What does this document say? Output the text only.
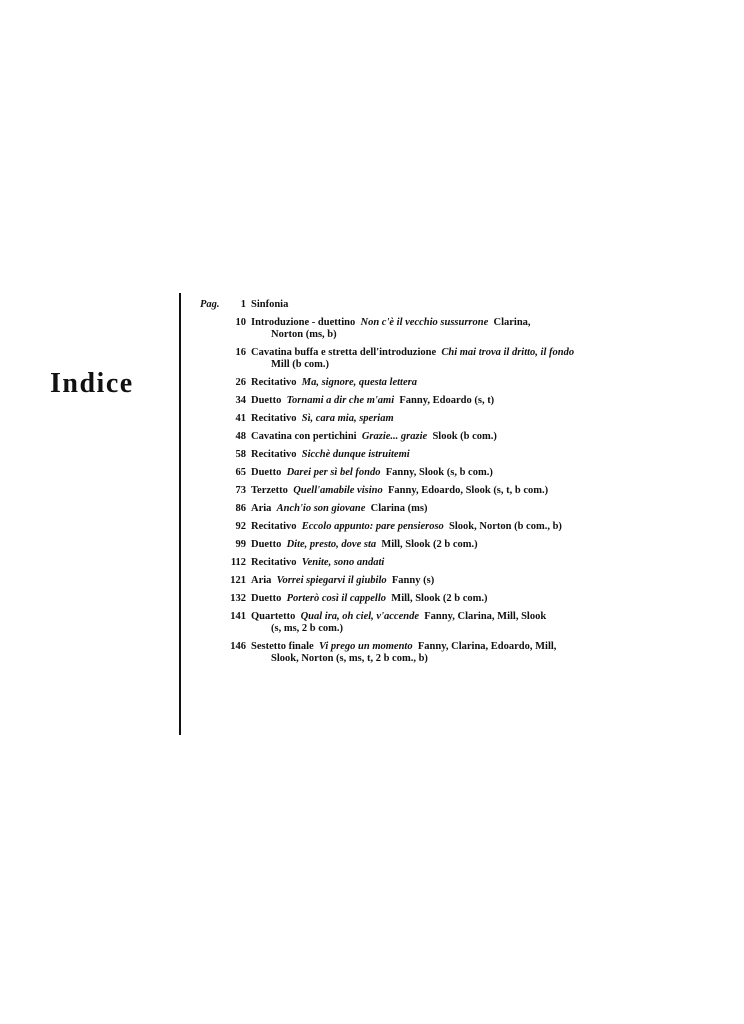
Indice
Pag.	1 Sinfonia
10 Introduzione - duettino Non c'è il vecchio sussurrone Clarina,
Norton (ms, b)
16 Cavatina buffa e stretta dell'introduzione Chi mai trova il dritto, il fondo
Mill (b com.)
26 Recitativo Ma, signore, questa lettera
34 Duetto Tornami a dir che m'ami Fanny, Edoardo (s, t)
41 Recitativo Sì, cara mia, speriam
48 Cavatina con pertichini Grazie... grazie Slook (b com.)
58 Recitativo Sicchè dunque istruitemi
65 Duetto Darei per sì bel fondo Fanny, Slook (s, b com.)
73 Terzetto Quell'amabile visino Fanny, Edoardo, Slook (s, t, b com.)
86 Aria Anch'io son giovane Clarina (ms)
92 Recitativo Eccolo appunto: pare pensieroso Slook, Norton (b com., b)
99 Duetto Dite, presto, dove sta Mill, Slook (2 b com.)
112 Recitativo Venite, sono andati
121 Aria Vorrei spiegarvi il giubilo Fanny (s)
132 Duetto Porterò così il cappello Mill, Slook (2 b com.)
141 Quartetto Qual ira, oh ciel, v'accende Fanny, Clarina, Mill, Slook
(s, ms, 2 b com.)
146 Sestetto finale Vi prego un momento Fanny, Clarina, Edoardo, Mill,
Slook, Norton (s, ms, t, 2 b com., b)
